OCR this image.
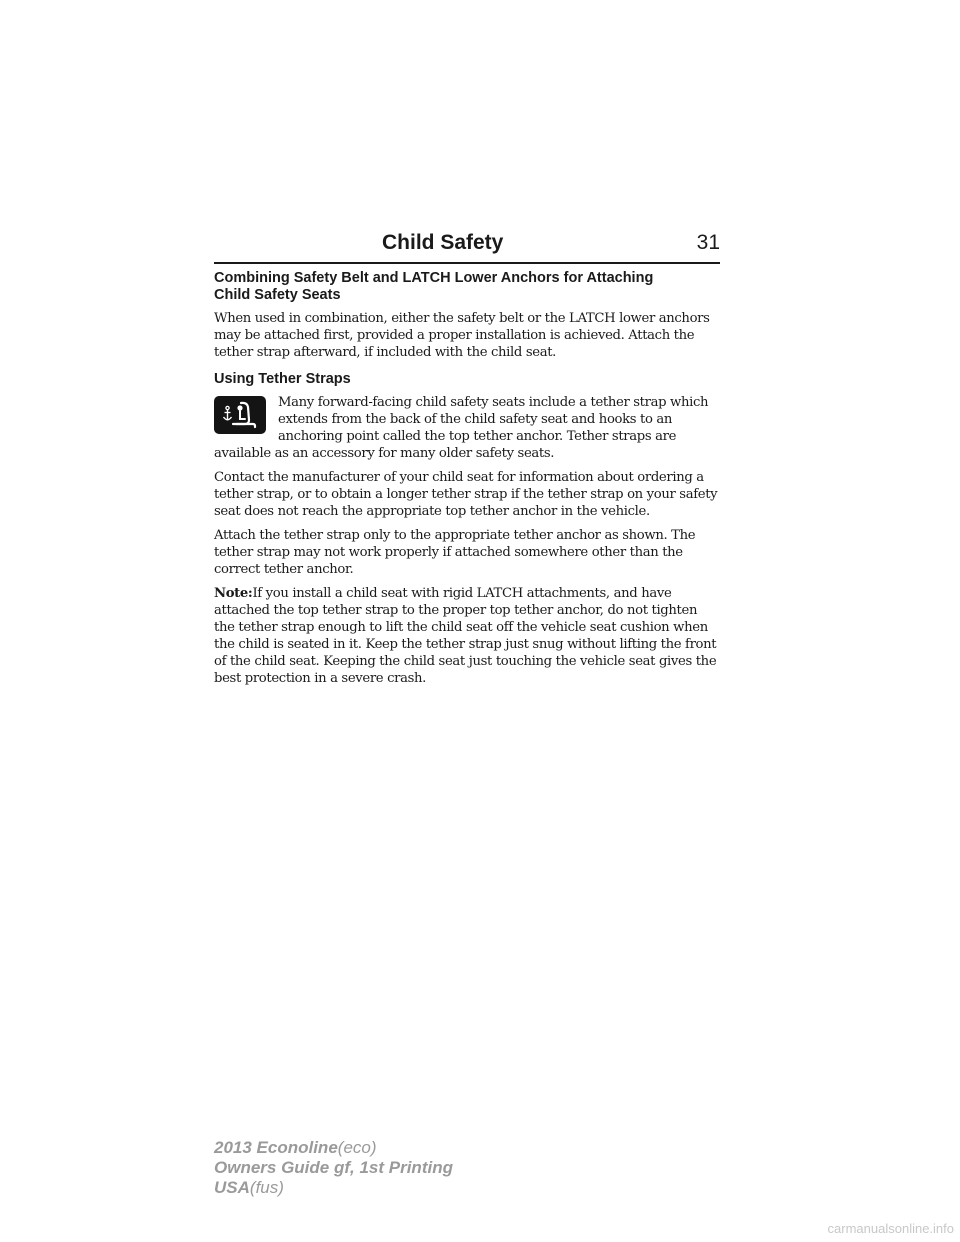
Child Safety	31
Combining Safety Belt and LATCH Lower Anchors for Attaching
Child Safety Seats

When used in combination, either the safety belt or the LATCH lower anchors may be attached first, provided a proper installation is achieved. Attach the tether strap afterward, if included with the child seat.

Using Tether Straps

Many forward-facing child safety seats include a tether strap which extends from the back of the child safety seat and hooks to an anchoring point called the top tether anchor. Tether straps are available as an accessory for many older safety seats.

Contact the manufacturer of your child seat for information about ordering a tether strap, or to obtain a longer tether strap if the tether strap on your safety seat does not reach the appropriate top tether anchor in the vehicle.

Attach the tether strap only to the appropriate tether anchor as shown. The tether strap may not work properly if attached somewhere other than the correct tether anchor.

Note:If you install a child seat with rigid LATCH attachments, and have attached the top tether strap to the proper top tether anchor, do not tighten the tether strap enough to lift the child seat off the vehicle seat cushion when the child is seated in it. Keep the tether strap just snug without lifting the front of the child seat. Keeping the child seat just touching the vehicle seat gives the best protection in a severe crash.

2013 Econoline(eco)
Owners Guide gf, 1st Printing
USA(fus)
carmanualsonline.info
